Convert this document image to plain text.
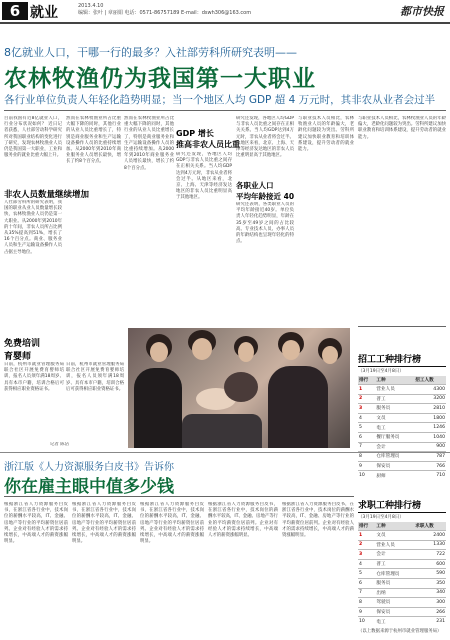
6 就业	2013.4.10
编辑：张叶 | 章丽娟 电话：0571-86757189 E-mail：dswh306@163.com	都市快报
8亿就业人口，干哪一行的最多？入社部劳科所研究表明——
农林牧渔仍为我国第一大职业
各行业单位负责人年轻化趋势明显；当一个地区人均 GDP 超 4 万元时，其非农从业者会过半
目前我国有近8亿就业人口，行业分布状况如何？ 近日记者获悉，人社部劳动科学研究所对我国职业结构的变化进行了研究，发现农林牧渔业人员仍是我国第一大职业，工业和服务业的就业比重大幅上升。
非农人员数量继续增加
人社部劳科所的研究表明，我国的职业从业人员数量增长较快，农林牧渔业人员仍是第一大职业。从2000年到2010年的十年间，非农人员所占比例从35%提高到51%，增长了16个百分点。商业、服务业人员和生产运输设备操作人员占据主导地位。
然而在农林牧渔业所占比重大幅下降的同时，其他行业的从业人员比重增长了，特别是商业服务业和生产运输设备操作人员的比重持续增加。从2000年到2010年商业服务业人员增长最快，增长了约8个百分点。
然而在农林牧渔业所占比重大幅下降的同时，其他行业的从业人员比重增长了，特别是商业服务业和生产运输设备操作人员的比重持续增加。从2000年到2010年商业服务业人员增长最快，增长了约8个百分点。
GDP 增长
推高非农人员比重
研究还发现，各地区人均GDP与非农人员比重之间存在正相关关系。当人均GDP达到4万元时，非农从业者将会过半。从地区来看，北京、上海、天津等经济发达地区的非农人员比重明显高于其他地区。
研究还发现，各地区人均GDP与非农人员比重之间存在正相关关系。当人均GDP达到4万元时，非农从业者将会过半。从地区来看，北京、上海、天津等经济发达地区的非农人员比重明显高于其他地区。
各职业人口
平均年龄接近 40
研究还表明，各类职业人员的平均年龄接近40岁。单位负责人年轻化趋势明显，年龄在35岁至49岁之间的占比较高。专业技术人员、办事人员的年龄结构也呈现年轻化的特点。
与职业技术人员相比，农林牧渔业人员的年龄偏大，老龄化问题较为突出。劳科所建议加快职业教育和培训体系建设，提升劳动者的就业能力。
与职业技术人员相比，农林牧渔业人员的年龄偏大，老龄化问题较为突出。劳科所建议加快职业教育和培训体系建设，提升劳动者的就业能力。
免费培训
育婴师
日前，杭州市就业管理服务局联合社区开展免费育婴师培训，报名人员须年满18周岁、具有本市户籍，培训合格后可获得相应职业资格证书。
记者 陈洁
日前，杭州市就业管理服务局联合社区开展免费育婴师培训，报名人员须年满18周岁、具有本市户籍，培训合格后可获得相应职业资格证书。
浙江版《人力资源服务白皮书》告诉你
你在雇主眼中值多少钱
根据浙江省人力资源服务白皮书，在浙江省各行业中，技术岗位的薪酬水平较高，IT、金融、房地产等行业的平均薪资位居前列。企业对有经验人才的需求持续增长，中高端人才的薪资涨幅明显。
根据浙江省人力资源服务白皮书，在浙江省各行业中，技术岗位的薪酬水平较高，IT、金融、房地产等行业的平均薪资位居前列。企业对有经验人才的需求持续增长，中高端人才的薪资涨幅明显。
根据浙江省人力资源服务白皮书，在浙江省各行业中，技术岗位的薪酬水平较高，IT、金融、房地产等行业的平均薪资位居前列。企业对有经验人才的需求持续增长，中高端人才的薪资涨幅明显。
根据浙江省人力资源服务白皮书，在浙江省各行业中，技术岗位的薪酬水平较高，IT、金融、房地产等行业的平均薪资位居前列。企业对有经验人才的需求持续增长，中高端人才的薪资涨幅明显。
根据浙江省人力资源服务白皮书，在浙江省各行业中，技术岗位的薪酬水平较高，IT、金融、房地产等行业的平均薪资位居前列。企业对有经验人才的需求持续增长，中高端人才的薪资涨幅明显。
招工工种排行榜
（3月19日至4月8日）
排行	工种	招工人数
1	营业人员	4300
2	普工	3200
3	服务员	2810
4	文员	1800
5	电工	1246
6	餐厅服务员	1040
7	会计	900
8	仓库管理员	787
9	保安员	766
10	厨师	710
求职工种排行榜
（3月19日至4月8日）
排行	工种	求职人数
1	文员	2400
2	营业人员	1330
3	会计	722
4	普工	600
5	仓库管理员	590
6	服务员	350
7	出纳	340
8	驾驶员	300
9	保安员	266
10	电工	231
（以上数据来源于杭州市就业管理服务局）
